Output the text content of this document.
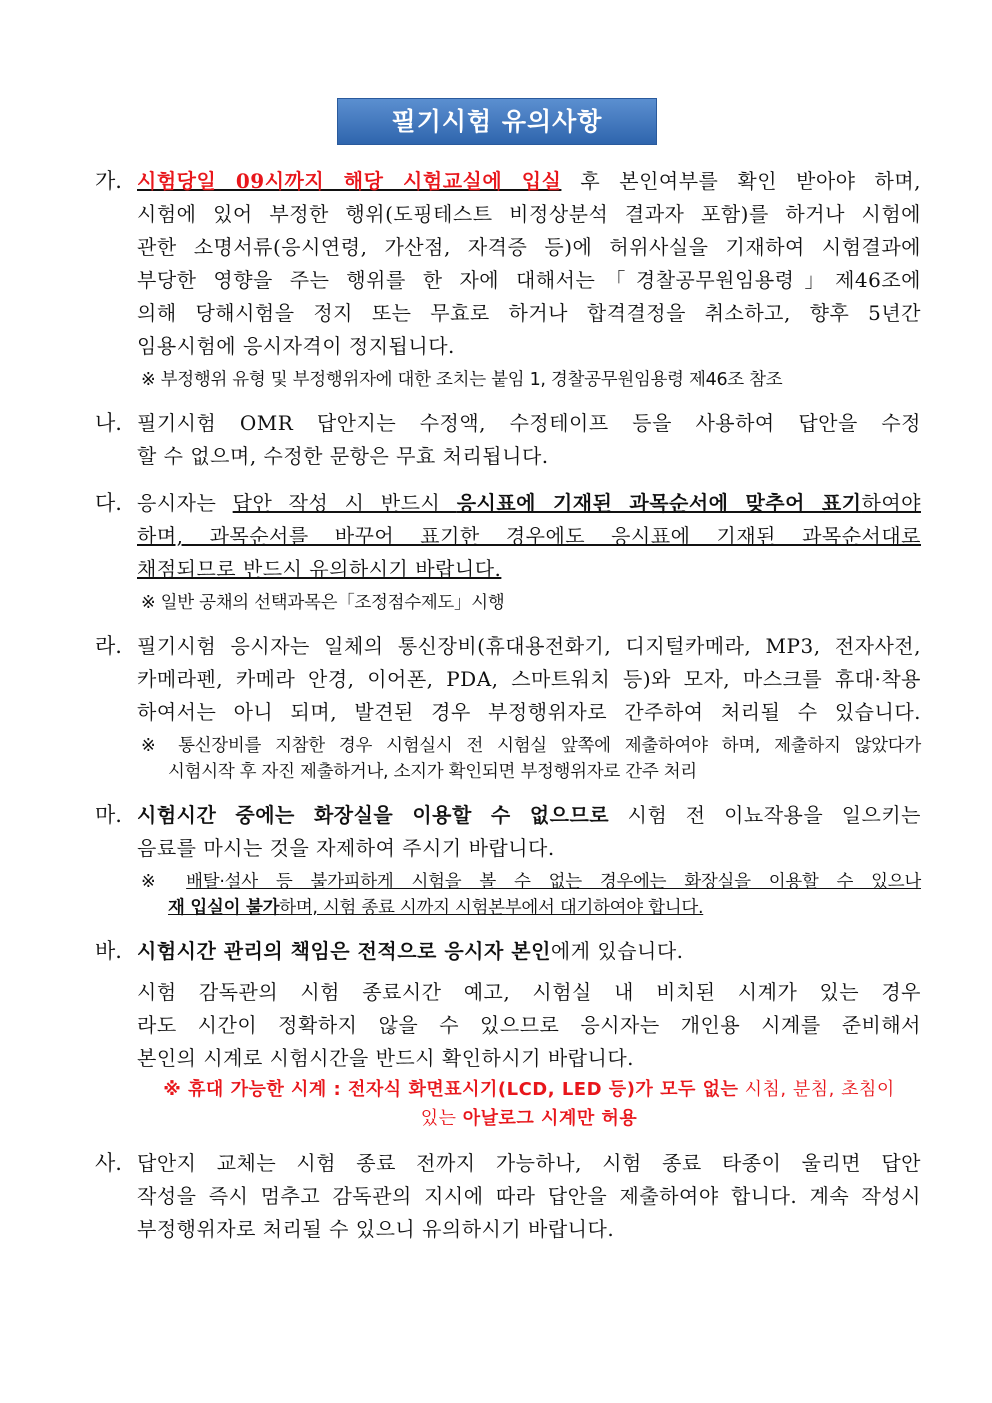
필기시험 유의사항
가. 시험당일 09시까지 해당 시험교실에 입실 후 본인여부를 확인 받아야 하며,
시험에 있어 부정한 행위(도핑테스트 비정상분석 결과자 포함)를 하거나 시험에
관한 소명서류(응시연령, 가산점, 자격증 등)에 허위사실을 기재하여 시험결과에
부당한 영향을 주는 행위를 한 자에 대해서는「경찰공무원임용령」제46조에
의해 당해시험을 정지 또는 무효로 하거나 합격결정을 취소하고, 향후 5년간
임용시험에 응시자격이 정지됩니다.
※ 부정행위 유형 및 부정행위자에 대한 조치는 붙임 1, 경찰공무원임용령 제46조 참조
나. 필기시험 OMR 답안지는 수정액, 수정테이프 등을 사용하여 답안을 수정
할 수 없으며, 수정한 문항은 무효 처리됩니다.
다. 응시자는 답안 작성 시 반드시 응시표에 기재된 과목순서에 맞추어 표기하여야
하며, 과목순서를 바꾸어 표기한 경우에도 응시표에 기재된 과목순서대로
채점되므로 반드시 유의하시기 바랍니다.
※ 일반 공채의 선택과목은「조정점수제도」시행
라. 필기시험 응시자는 일체의 통신장비(휴대용전화기, 디지털카메라, MP3, 전자사전,
카메라펜, 카메라 안경, 이어폰, PDA, 스마트워치 등)와 모자, 마스크를 휴대·착용
하여서는 아니 되며, 발견된 경우 부정행위자로 간주하여 처리될 수 있습니다.
※ 통신장비를 지참한 경우 시험실시 전 시험실 앞쪽에 제출하여야 하며, 제출하지 않았다가
시험시작 후 자진 제출하거나, 소지가 확인되면 부정행위자로 간주 처리
마. 시험시간 중에는 화장실을 이용할 수 없으므로 시험 전 이뇨작용을 일으키는
음료를 마시는 것을 자제하여 주시기 바랍니다.
※ 배탈·설사 등 불가피하게 시험을 볼 수 없는 경우에는 화장실을 이용할 수 있으나
재 입실이 불가하며, 시험 종료 시까지 시험본부에서 대기하여야 합니다.
바. 시험시간 관리의 책임은 전적으로 응시자 본인에게 있습니다.
시험 감독관의 시험 종료시간 예고, 시험실 내 비치된 시계가 있는 경우
라도 시간이 정확하지 않을 수 있으므로 응시자는 개인용 시계를 준비해서
본인의 시계로 시험시간을 반드시 확인하시기 바랍니다.
※ 휴대 가능한 시계 : 전자식 화면표시기(LCD, LED 등)가 모두 없는 시침, 분침, 초침이
있는 아날로그 시계만 허용
사. 답안지 교체는 시험 종료 전까지 가능하나, 시험 종료 타종이 울리면 답안
작성을 즉시 멈추고 감독관의 지시에 따라 답안을 제출하여야 합니다. 계속 작성시
부정행위자로 처리될 수 있으니 유의하시기 바랍니다.
